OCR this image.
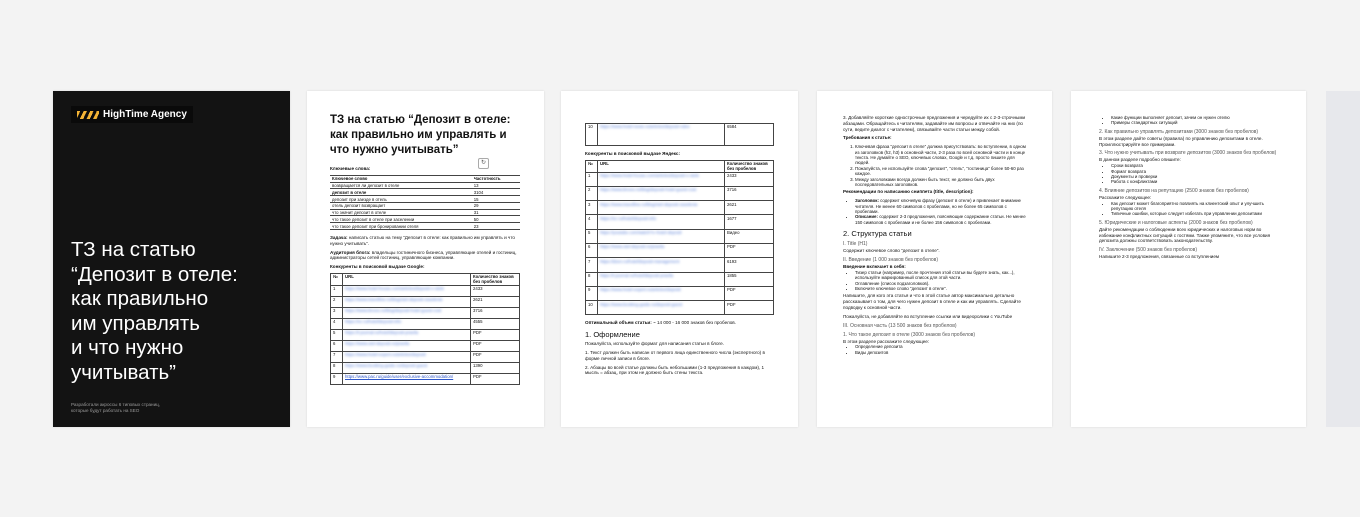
HighTime Agency
ТЗ на статью
“Депозит в отеле:
как правильно
им управлять
и что нужно
учитывать”
Разработали акроссы 6 типовых страниц,
которые будут работать на SEO
ТЗ на статью “Депозит в отеле: как правильно им управлять и что нужно учитывать”

Ключевые слова:

Ключевое слово	Частотность
возвращается ли депозит в отеле	13
депозит в отеле	3104
депозит при заезде в отель	15
отель депозит возвращает	29
что значит депозит в отеле	31
что такое депозит в отеле при заселении	50
что такое депозит при бронировании отеля	23

Задача: написать статью на тему “Депозит в отеле: как правильно им управлять и что нужно учитывать”.

Аудитория блога: владельцы гостиничного бизнеса, управляющие отелей и гостиниц, администраторы сетей гостиниц, управляющие компании.

Конкуренты в поисковой выдаче Google:

№	URL	Количество знаков без пробелов
1	https://www.hotel-house.com/articles/deposit-v-otele	2433
2	https://www.travelline.ru/blog/otel-deposit-zaselenie	2621
3	https://www.bnovo.ru/blog/deposit-hotel-guest-cost	3716
4	https://vc.ru/hotel/deposit-info	4555
5	https://t-journal.ru/hotel/deposit-pravila	PDF
6	https://www.otel-deposit.ru/pravila	PDF
7	https://www.hotel-expert.ru/articles/deposit	PDF
8	https://www.booking-guide.ru/deposit-guest	1390
9	https://www.pac.ru/guide/user/exclusive-accommodation/	PDF
↻
10	https://www.hotel-news.ru/articles/deposit-rules	6584

Конкуренты в поисковой выдаче Яндекс:

№	URL	Количество знаков без пробелов
1	https://www.hotel-house.com/articles/deposit-v-otele	2433
2	https://www.bnovo.ru/blog/deposit-hotel-guest-cost	3716
3	https://www.travelline.ru/blog/otel-deposit-zaselenie	2621
4	https://vc.ru/hotel/deposit-info	1677
5	https://youtube.com/watch?v=hotel-deposit	Видео
6	https://www.otel-deposit.ru/pravila	PDF
7	https://dzen.ru/hotel/deposit-management	6193
8	https://t-journal.ru/hotel/deposit-pravila	1855
9	https://www.hotel-expert.ru/articles/deposit	PDF
10	https://www.booking-guide.ru/deposit-guest	PDF

Оптимальный объем статьи: ~ 14 000 - 16 000 знаков без пробелов.

1. Оформление

Пожалуйста, используйте формат для написания статьи в блоге.

1. Текст должен быть написан от первого лица единственного числа (экспертного) в форме личной записи в блоге.

2. Абзацы во всей статье должны быть небольшими (1-3 предложения в каждом), 1 мысль = абзац, при этом не должно быть стены текста.

3. Добавляйте короткие однострочные предложения и чередуйте их с 2-3-строчными абзацами. Обращайтесь к читателям, задавайте им вопросы и отвечайте на них (по сути, ведите диалог с читателем), связывайте части статьи между собой.

Требования к статье:

1. Ключевая фраза “депозит в отеле” должна присутствовать: во вступлении, в одном из заголовков (h2, h3) в основной части, 2-3 раза по всей основной части и в конце текста. Не думайте о SEO, ключевых словах, Google и т.д. просто пишите для людей.
2. Пожалуйста, не используйте слова “депозит”, “отель”, “гостиница” более 50-60 раз каждое.
3. Между заголовками всегда должен быть текст, не должно быть двух последовательных заголовков.

Рекомендации по написанию сниппета (title, description):

• Заголовок: содержит ключевую фразу (депозит в отеле) и привлекает внимание читателя. Не менее 60 символов с пробелами, но не более 65 символов с пробелами.
• Описание: содержит 2-3 предложения, поясняющие содержание статьи. Не менее 150 символов с пробелами и не более 156 символов с пробелами.
2. Структура статьи
I. Title (H1)

Содержит ключевое слово “депозит в отеле”.

II. Введение (1 000 знаков без пробелов)

Введение включает в себя:

• Тизер статьи (например, после прочтения этой статьи вы будете знать, как...), используйте маркированный список для этой части.
• Оглавление (список подзаголовков).
• Включите ключевое слово “депозит в отеле”.

Напишите, для кого эта статья и что в этой статье автор максимально детально рассказывает о том, для чего нужен депозит в отеле и как им управлять. Сделайте подводку к основной части.

Пожалуйста, не добавляйте во вступление ссылки или видеоролики с YouTube

III. Основная часть (13 500 знаков без пробелов)
1. Что такое депозит в отеле (3000 знаков без пробелов)

В этом разделе расскажите следующее:

• Определение депозита
• Виды депозитов
• Какие функции выполняет депозит, зачем он нужен отелю
• Примеры стандартных ситуаций
2. Как правильно управлять депозитами (3000 знаков без пробелов)

В этом разделе дайте советы (правила) по управлению депозитами в отеле. Проиллюстрируйте все примерами.

3. Что нужно учитывать при возврате депозитов (3000 знаков без пробелов)

В данном разделе подробно опишите:

• Сроки возврата
• Формат возврата
• Документы и проверки
• Работа с конфликтами
4. Влияние депозитов на репутацию (2500 знаков без пробелов)

Расскажите следующее:

• Как депозит может благоприятно повлиять на клиентский опыт и улучшить репутацию отеля
• Типичные ошибки, которые следует избегать при управлении депозитами
5. Юридические и налоговые аспекты (2000 знаков без пробелов)

Дайте рекомендации о соблюдении всех юридических и налоговых норм во избежание конфликтных ситуаций с гостями. Также упомяните, что все условия депозита должны соответствовать законодательству.

IV. Заключение (500 знаков без пробелов)

Напишите 2-3 предложения, связанные со вступлением
